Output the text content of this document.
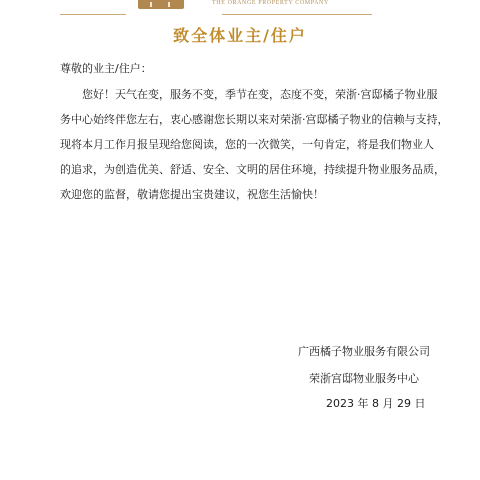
THE ORANGE PROPERTY COMPANY
致全体业主/住户
尊敬的业主/住户：
　　您好！天气在变，服务不变，季节在变，态度不变，荣浙·宫邸橘子物业服
务中心始终伴您左右，衷心感谢您长期以来对荣浙·宫邸橘子物业的信赖与支持，
现将本月工作月报呈现给您阅读，您的一次微笑，一句肯定，将是我们物业人
的追求，为创造优美、舒适、安全、文明的居住环境，持续提升物业服务品质，
欢迎您的监督，敬请您提出宝贵建议，祝您生活愉快！
广西橘子物业服务有限公司
荣浙宫邸物业服务中心
2023 年 8 月 29 日
